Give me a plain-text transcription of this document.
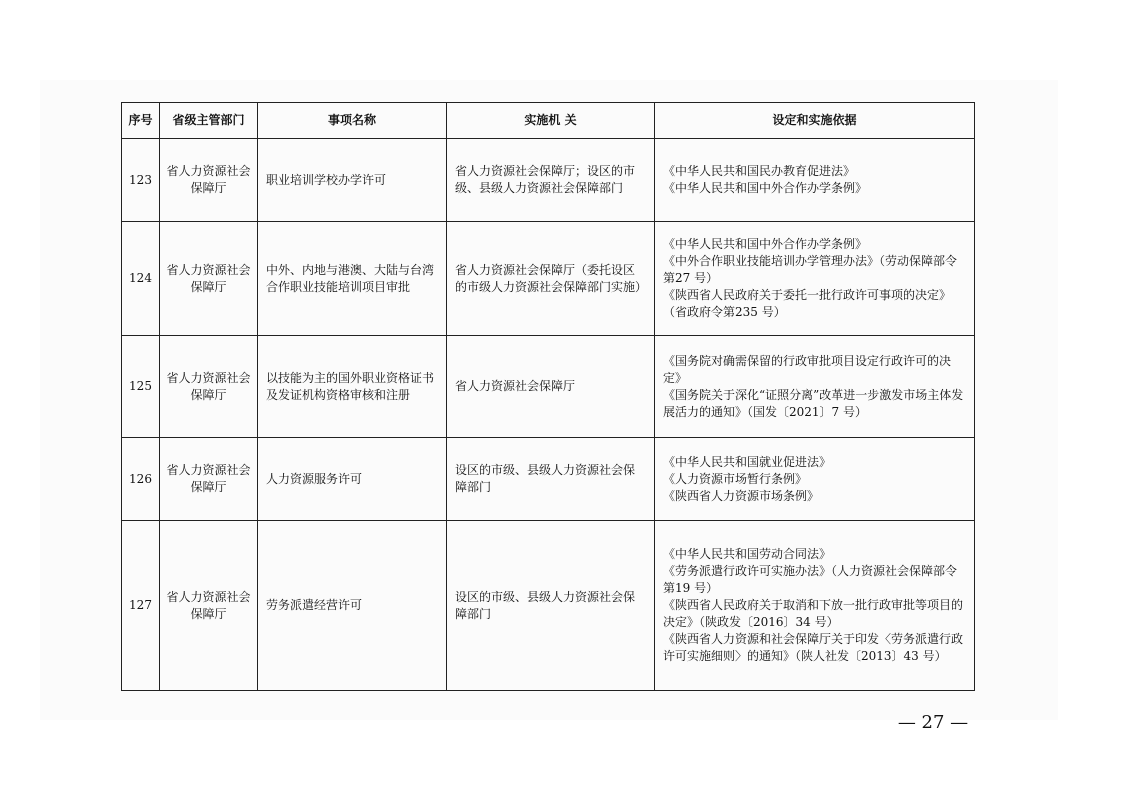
序号	省级主管部门	事项名称	实施机 关	设定和实施依据
123	省人力资源社会保障厅	职业培训学校办学许可	省人力资源社会保障厅；设区的市级、县级人力资源社会保障部门	《中华人民共和国民办教育促进法》
《中华人民共和国中外合作办学条例》

124	省人力资源社会保障厅	中外、内地与港澳、大陆与台湾合作职业技能培训项目审批	省人力资源社会保障厅（委托设区的市级人力资源社会保障部门实施）	《中华人民共和国中外合作办学条例》
《中外合作职业技能培训办学管理办法》（劳动保障部令第27 号）
《陕西省人民政府关于委托一批行政许可事项的决定》（省政府令第235 号）

125	省人力资源社会保障厅	以技能为主的国外职业资格证书及发证机构资格审核和注册	省人力资源社会保障厅	《国务院对确需保留的行政审批项目设定行政许可的决定》
《国务院关于深化“证照分离”改革进一步激发市场主体发展活力的通知》（国发〔2021〕7 号）

126	省人力资源社会保障厅	人力资源服务许可	设区的市级、县级人力资源社会保障部门	《中华人民共和国就业促进法》
《人力资源市场暂行条例》
《陕西省人力资源市场条例》

127	省人力资源社会保障厅	劳务派遣经营许可	设区的市级、县级人力资源社会保障部门	《中华人民共和国劳动合同法》
《劳务派遣行政许可实施办法》（人力资源社会保障部令第19 号）
《陕西省人民政府关于取消和下放一批行政审批等项目的决定》（陕政发〔2016〕34 号）
《陕西省人力资源和社会保障厅关于印发〈劳务派遣行政许可实施细则〉的通知》（陕人社发〔2013〕43 号）
— 27 —
